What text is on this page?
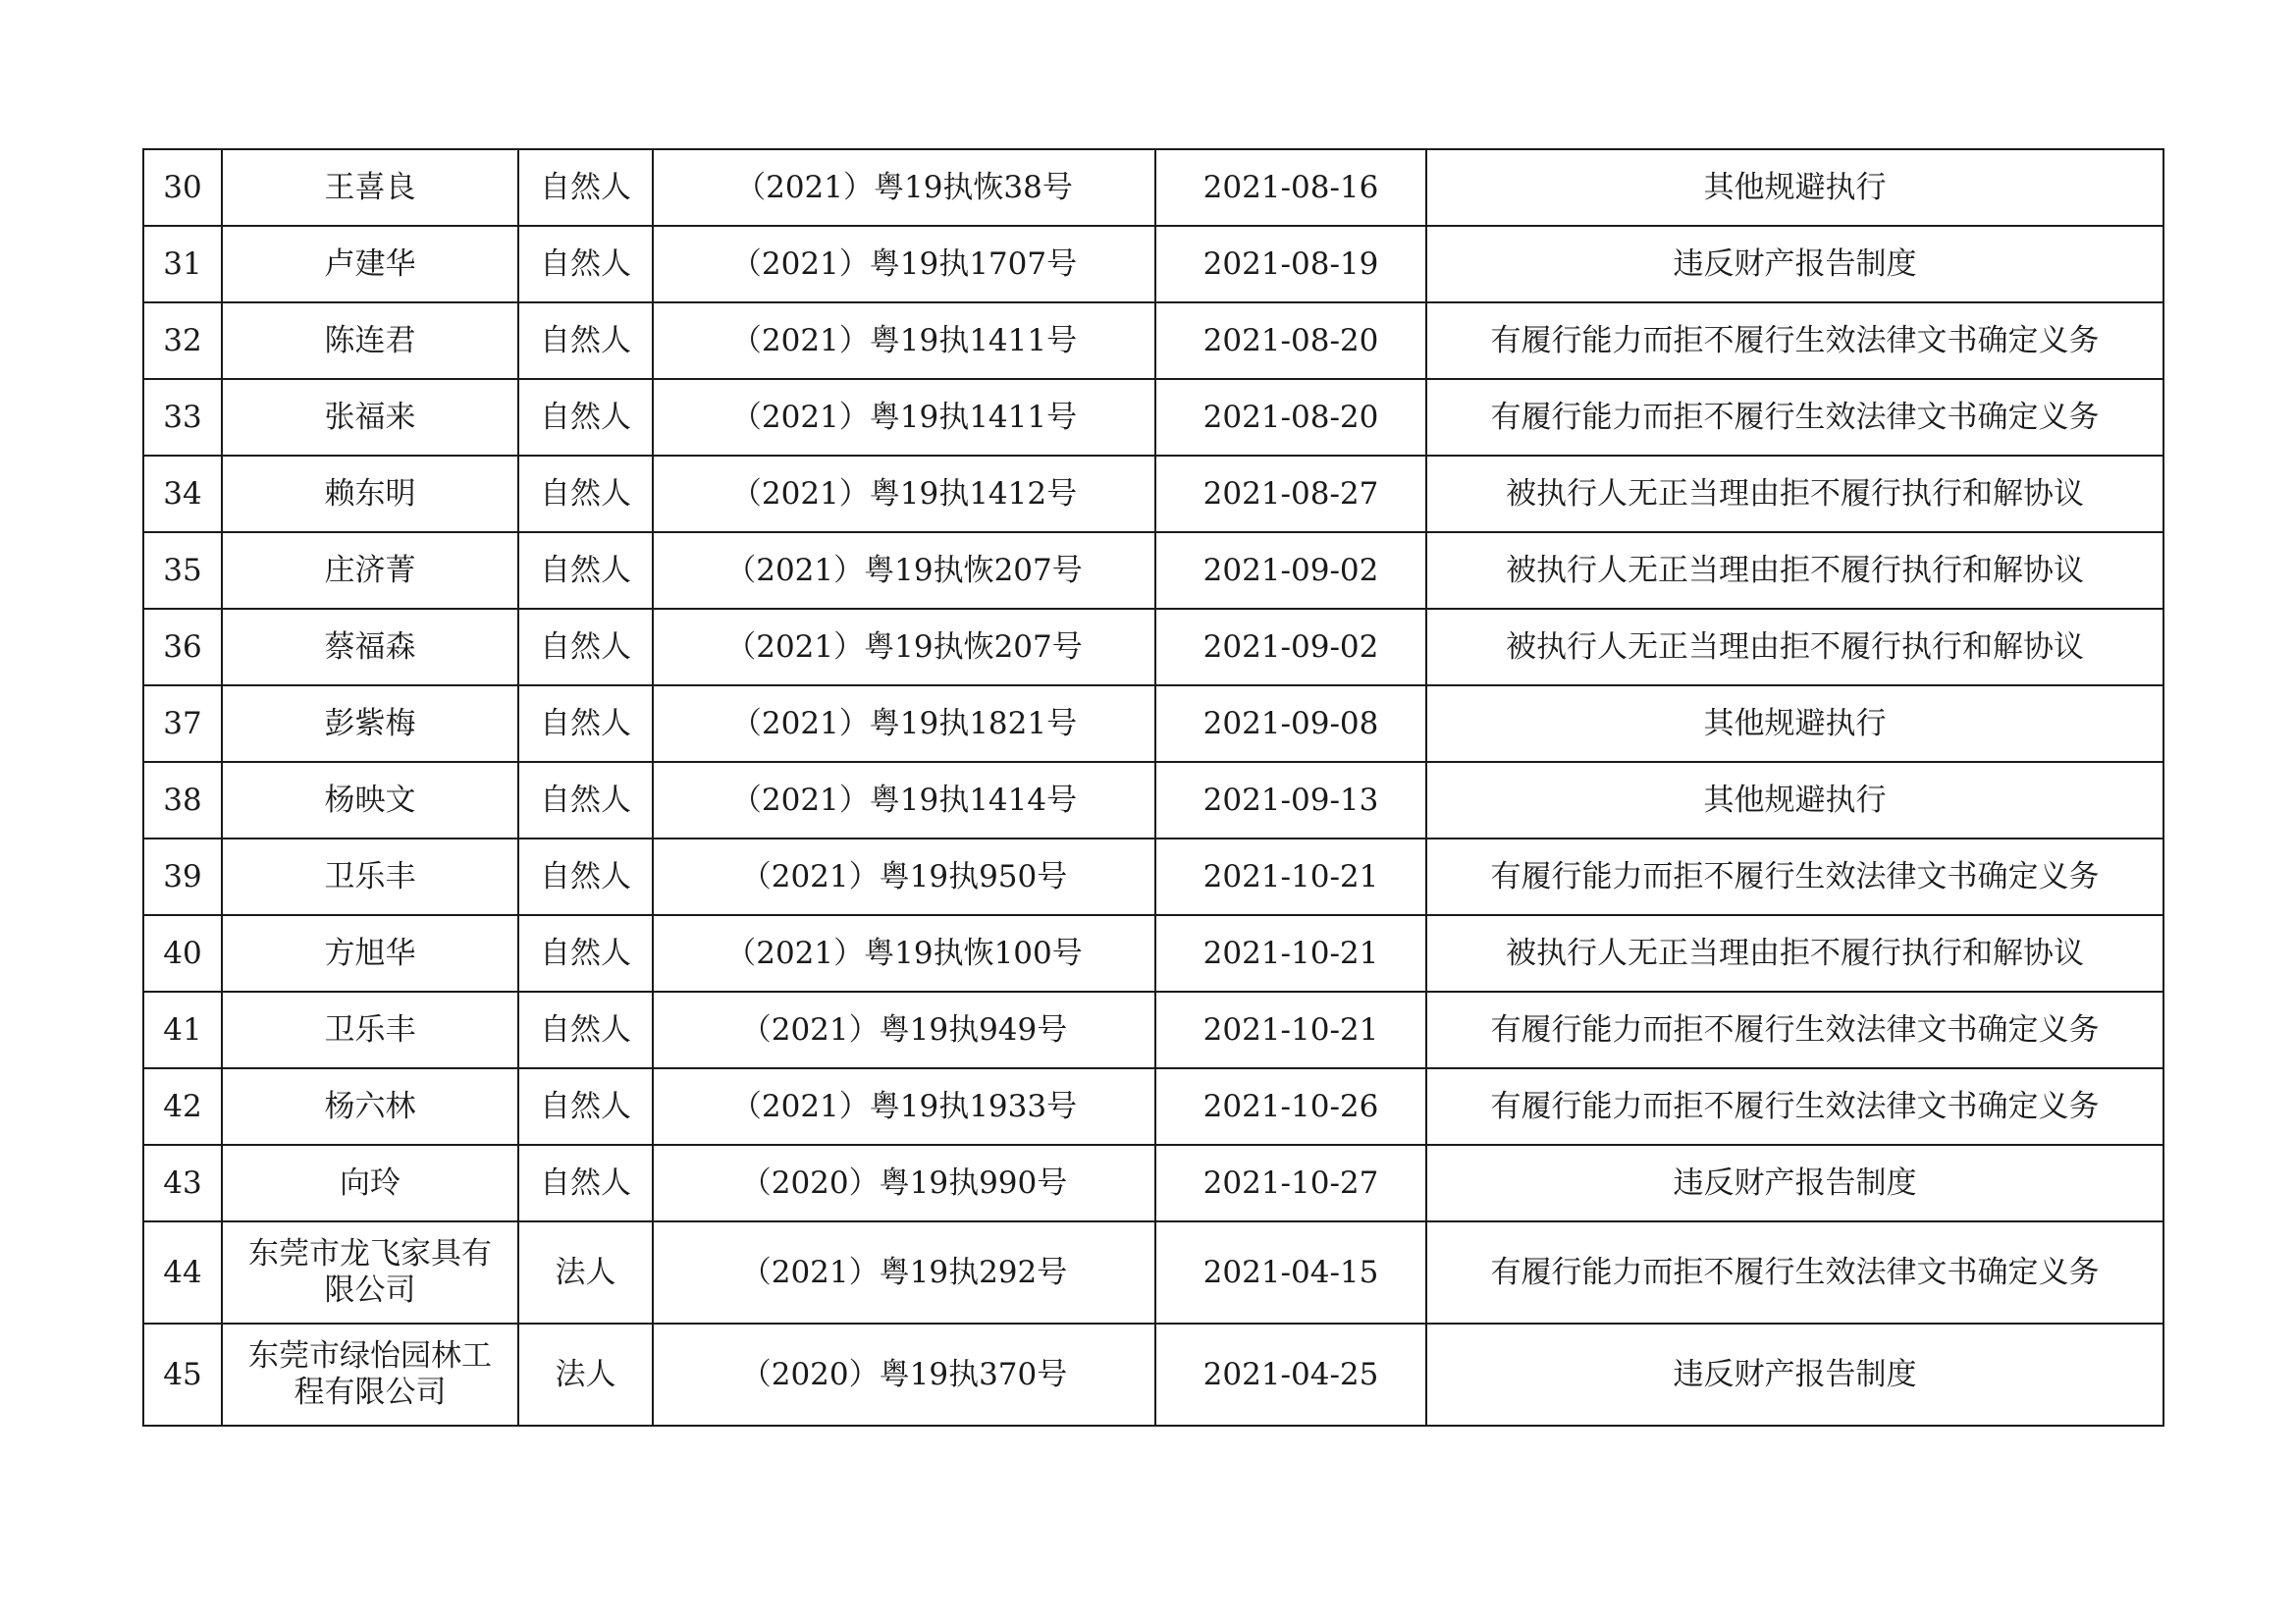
30	王喜良	自然人	（2021）粤19执恢38号	2021-08-16	其他规避执行
31	卢建华	自然人	（2021）粤19执1707号	2021-08-19	违反财产报告制度
32	陈连君	自然人	（2021）粤19执1411号	2021-08-20	有履行能力而拒不履行生效法律文书确定义务
33	张福来	自然人	（2021）粤19执1411号	2021-08-20	有履行能力而拒不履行生效法律文书确定义务
34	赖东明	自然人	（2021）粤19执1412号	2021-08-27	被执行人无正当理由拒不履行执行和解协议
35	庄济菁	自然人	（2021）粤19执恢207号	2021-09-02	被执行人无正当理由拒不履行执行和解协议
36	蔡福森	自然人	（2021）粤19执恢207号	2021-09-02	被执行人无正当理由拒不履行执行和解协议
37	彭紫梅	自然人	（2021）粤19执1821号	2021-09-08	其他规避执行
38	杨映文	自然人	（2021）粤19执1414号	2021-09-13	其他规避执行
39	卫乐丰	自然人	（2021）粤19执950号	2021-10-21	有履行能力而拒不履行生效法律文书确定义务
40	方旭华	自然人	（2021）粤19执恢100号	2021-10-21	被执行人无正当理由拒不履行执行和解协议
41	卫乐丰	自然人	（2021）粤19执949号	2021-10-21	有履行能力而拒不履行生效法律文书确定义务
42	杨六林	自然人	（2021）粤19执1933号	2021-10-26	有履行能力而拒不履行生效法律文书确定义务
43	向玲	自然人	（2020）粤19执990号	2021-10-27	违反财产报告制度
44	东莞市龙飞家具有限公司	法人	（2021）粤19执292号	2021-04-15	有履行能力而拒不履行生效法律文书确定义务
45	东莞市绿怡园林工程有限公司	法人	（2020）粤19执370号	2021-04-25	违反财产报告制度
